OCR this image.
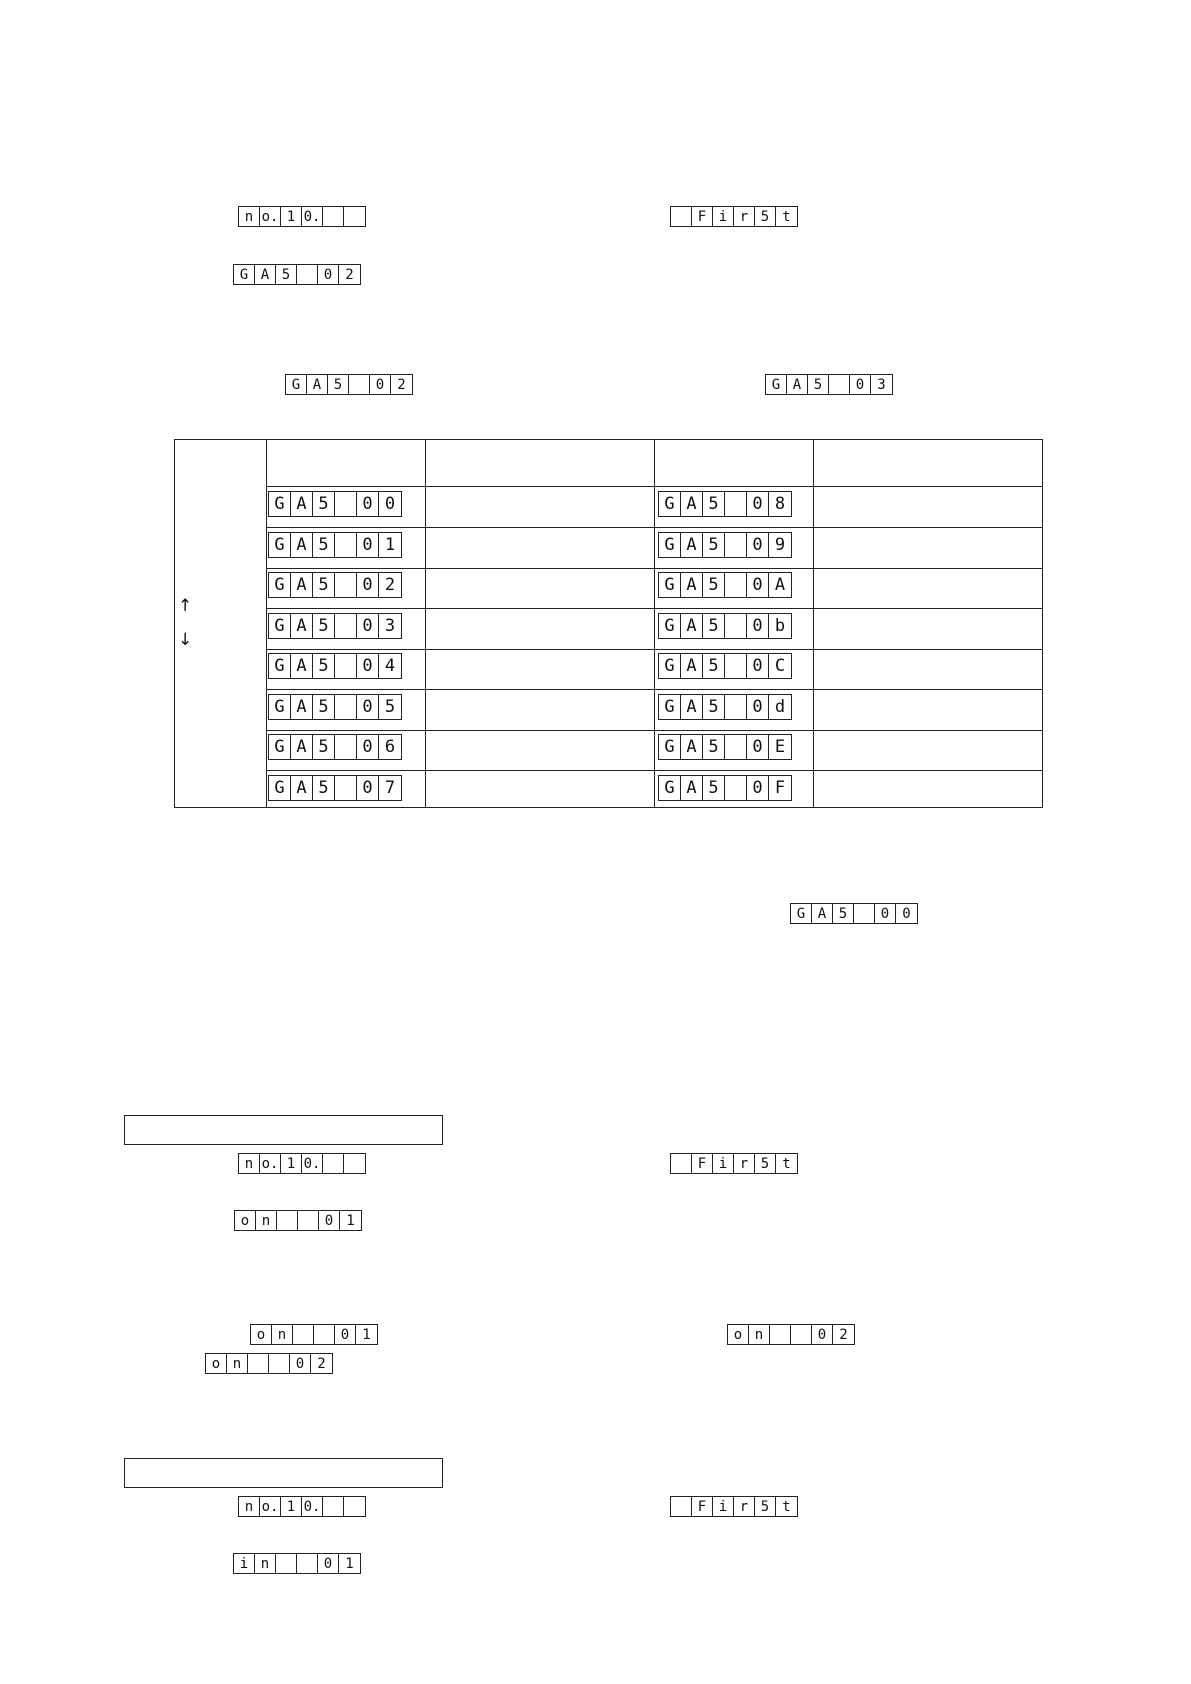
n o. 1 0.	F i r 5 t
G A 5	0 2
G A 5	0 2	G A 5	0 3
↑
↓
G A 5	0 0	G A 5	0 8
G A 5	0 1	G A 5	0 9
G A 5	0 2	G A 5	0 A
G A 5	0 3	G A 5	0 b
G A 5	0 4	G A 5	0 C
G A 5	0 5	G A 5	0 d
G A 5	0 6	G A 5	0 E
G A 5	0 7	G A 5	0 F
G A 5	0 0
n o. 1 0.	F i r 5 t
o n	0 1
o n	0 1	o n	0 2
o n	0 2
n o. 1 0.	F i r 5 t
i n	0 1
